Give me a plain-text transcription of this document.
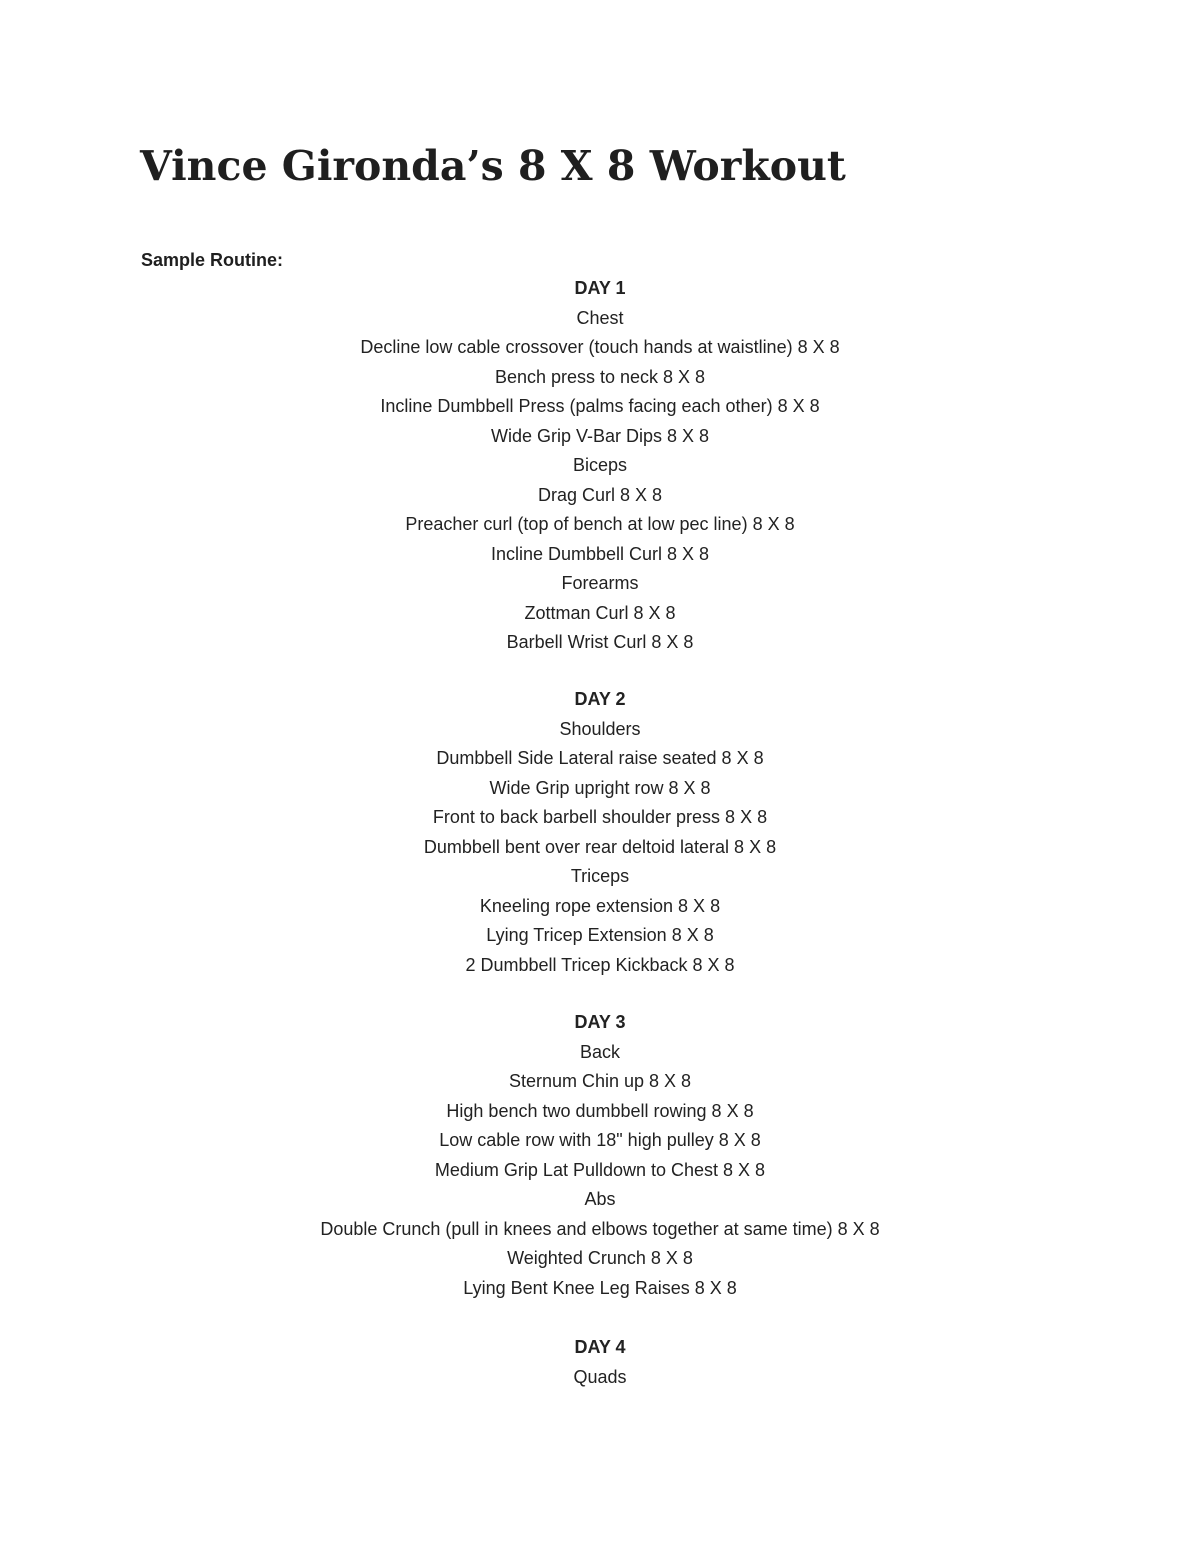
Vince Gironda’s 8 X 8 Workout
Sample Routine:
DAY 1
Chest
Decline low cable crossover (touch hands at waistline) 8 X 8
Bench press to neck 8 X 8
Incline Dumbbell Press (palms facing each other) 8 X 8
Wide Grip V-Bar Dips 8 X 8
Biceps
Drag Curl 8 X 8
Preacher curl (top of bench at low pec line) 8 X 8
Incline Dumbbell Curl 8 X 8
Forearms
Zottman Curl 8 X 8
Barbell Wrist Curl 8 X 8
DAY 2
Shoulders
Dumbbell Side Lateral raise seated 8 X 8
Wide Grip upright row 8 X 8
Front to back barbell shoulder press 8 X 8
Dumbbell bent over rear deltoid lateral 8 X 8
Triceps
Kneeling rope extension 8 X 8
Lying Tricep Extension 8 X 8
2 Dumbbell Tricep Kickback 8 X 8
DAY 3
Back
Sternum Chin up 8 X 8
High bench two dumbbell rowing 8 X 8
Low cable row with 18" high pulley 8 X 8
Medium Grip Lat Pulldown to Chest 8 X 8
Abs
Double Crunch (pull in knees and elbows together at same time) 8 X 8
Weighted Crunch 8 X 8
Lying Bent Knee Leg Raises 8 X 8
DAY 4
Quads
